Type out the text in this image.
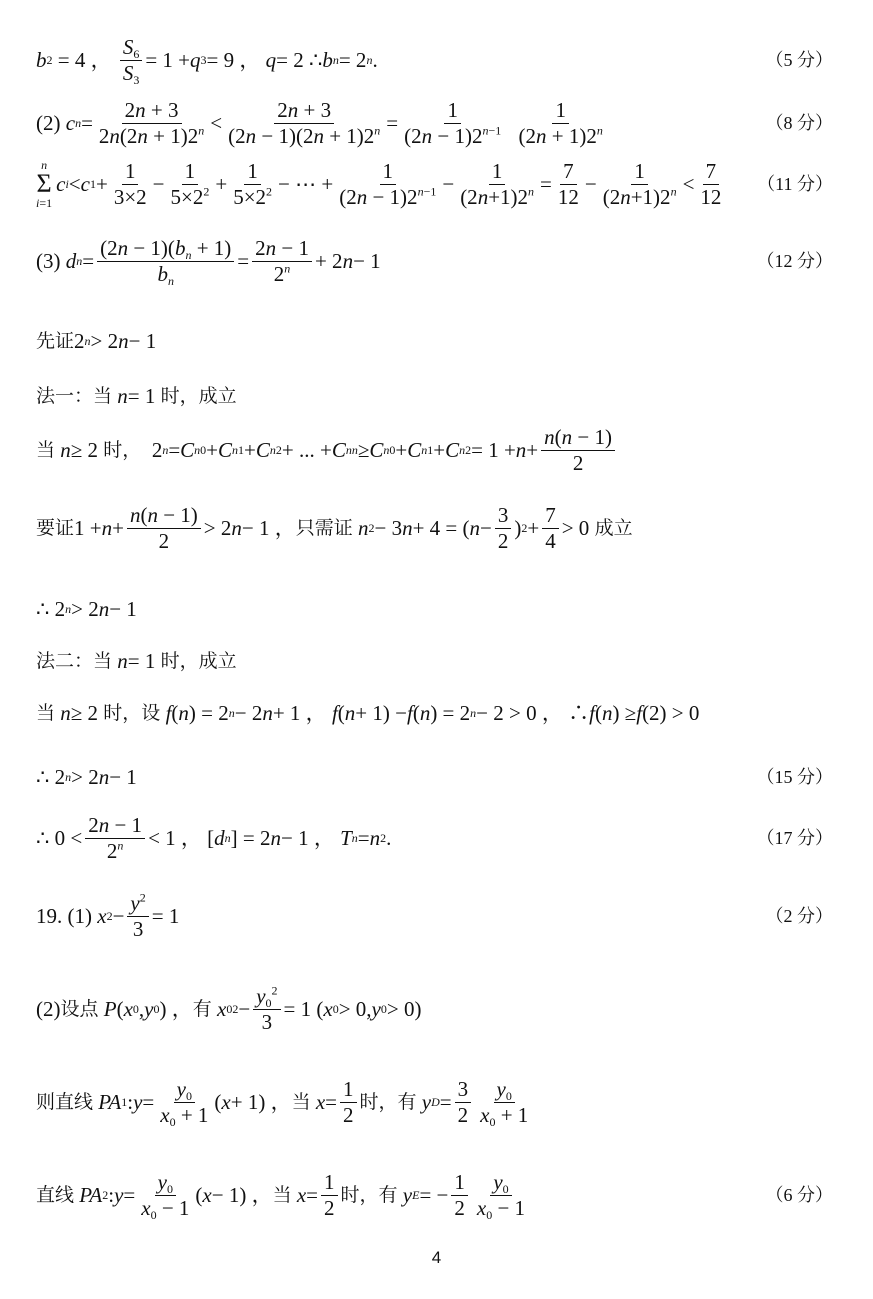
b 2 = 4 ， $\frac{S_6}{S_3} = 1 + q$ 3 = 9 ， q = 2 ∴ b n = 2 n .	（5 分）
(2) c $n = \frac{2n + 3}{2n(2n + 1)2^n} < \frac{2n + 3}{(2n - 1)(2n + 1)2^n} = \frac{1}{(2n - 1)2^{n-1}}$
$\frac{1}{(2n + 1)2^n}$	（8 分）
n
Σ
i=1
c i < c $1 + \frac{1}{3\times 2} - \frac{1}{5\times 2^2} + \frac{1}{5\times 2^2}$ − ⋯ + $\frac{1}{(2n - 1)2^{n-1}} - \frac{1}{(2n+1)2^n} = \frac{7}{12} - \frac{1}{(2n+1)2^n} < \frac{7}{12} (11$ 分）
(3) d $n = \frac{(2n - 1)(b_n + 1)}{b_n} = \frac{2n - 1}{2^n} + 2$ n − 1	（12 分）
先证 2 n > 2 n − 1
法一：当
n = 1 时，成立
当
n ≥ 2 时， 2 n = C n 0 + C n 1 + C n 2 + ... + C n n ≥ C n 0 + C n 1 + C n $2 = 1 + n + \frac{n(n - 1)}{2}$
要证 $1 + n + \frac{n(n - 1)}{2} > 2$ n − 1 ， 只需证
n 2 − 3 n + 4 = ( $n - \frac{3}{2}$ ) $2 + \frac{7}{4} > 0$ 成立
∴ 2 n > 2 n − 1
法二：当
n = 1 时，成立
当
n ≥ 2 时，设
f ( n ) = 2 n − 2 n + 1 ， f ( n + 1) − f ( n ) = 2 n − 2 > 0 ， ∴ f ( n ) ≥ f (2) > 0
∴ 2 n > 2 n − 1	（15 分）
∴ $0 < \frac{2n - 1}{2^n} < 1$ ， [ d n ] = 2 n − 1 ， T n = n 2 .	（17 分）
19. (1) x $2 - \frac{y^2}{3} = 1$	（2 分）
(2) 设点
P ( x 0 , y 0 ) ， 有
x 0 $2 - \frac{y_0^2}{3} = 1$ ( x 0 > 0, y 0 > 0)
则直线
PA 1 : $y = \frac{y_0}{x_0 + 1}$ ( x + 1) ， 当
$x = \frac{1}{2}$ 时，有
y $D = \frac{3}{2} \frac{y_0}{x_0 + 1}$
直线
PA 2 : $y = \frac{y_0}{x_0 - 1}$ ( x − 1) ， 当
$x = \frac{1}{2}$ 时，有
y E = − $\frac{1}{2} \frac{y_0}{x_0 - 1}$	（6 分）
4
